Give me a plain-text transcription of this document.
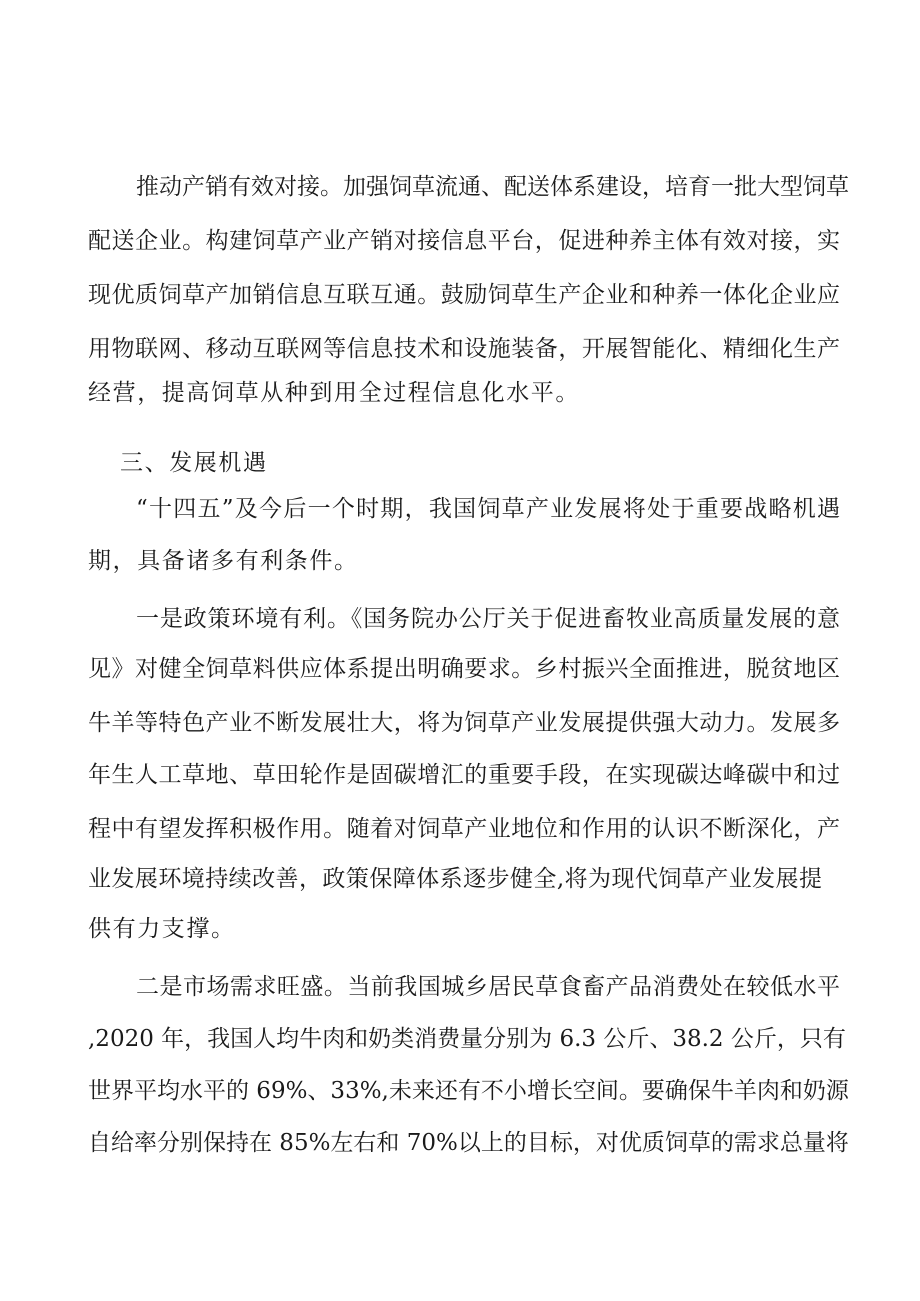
推动产销有效对接。加强饲草流通、配送体系建设，培育一批大型饲草
配送企业。构建饲草产业产销对接信息平台，促进种养主体有效对接，实
现优质饲草产加销信息互联互通。鼓励饲草生产企业和种养一体化企业应
用物联网、移动互联网等信息技术和设施装备，开展智能化、精细化生产
经营，提高饲草从种到用全过程信息化水平。
三、发展机遇
“十四五”及今后一个时期，我国饲草产业发展将处于重要战略机遇
期，具备诸多有利条件。
一是政策环境有利。《国务院办公厅关于促进畜牧业高质量发展的意
见》对健全饲草料供应体系提出明确要求。乡村振兴全面推进，脱贫地区
牛羊等特色产业不断发展壮大，将为饲草产业发展提供强大动力。发展多
年生人工草地、草田轮作是固碳增汇的重要手段，在实现碳达峰碳中和过
程中有望发挥积极作用。随着对饲草产业地位和作用的认识不断深化，产
业发展环境持续改善，政策保障体系逐步健全,将为现代饲草产业发展提
供有力支撑。
二是市场需求旺盛。当前我国城乡居民草食畜产品消费处在较低水平
,2020 年，我国人均牛肉和奶类消费量分别为 6.3 公斤、38.2 公斤，只有
世界平均水平的 69%、33%,未来还有不小增长空间。要确保牛羊肉和奶源
自给率分别保持在 85%左右和 70%以上的目标，对优质饲草的需求总量将
